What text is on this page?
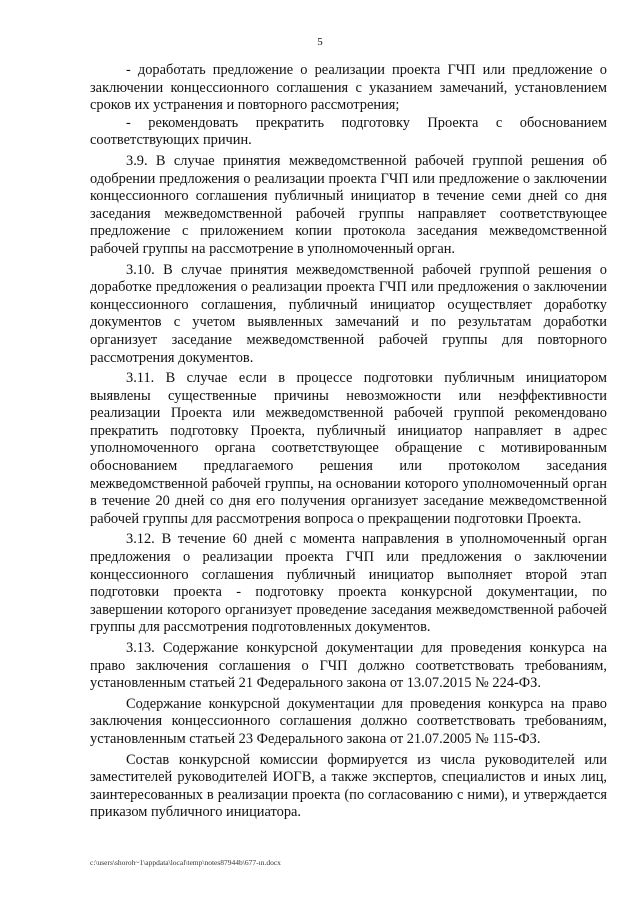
5

- доработать предложение о реализации проекта ГЧП или предложение о заключении концессионного соглашения с указанием замечаний, установлением сроков их устранения и повторного рассмотрения;

- рекомендовать прекратить подготовку Проекта с обоснованием соответствующих причин.

3.9. В случае принятия межведомственной рабочей группой решения об одобрении предложения о реализации проекта ГЧП или предложение о заключении концессионного соглашения публичный инициатор в течение семи дней со дня заседания межведомственной рабочей группы направляет соответствующее предложение с приложением копии протокола заседания межведомственной рабочей группы на рассмотрение в уполномоченный орган.

3.10. В случае принятия межведомственной рабочей группой решения о доработке предложения о реализации проекта ГЧП или предложения о заключении концессионного соглашения, публичный инициатор осуществляет доработку документов с учетом выявленных замечаний и по результатам доработки организует заседание межведомственной рабочей группы для повторного рассмотрения документов.

3.11. В случае если в процессе подготовки публичным инициатором выявлены существенные причины невозможности или неэффективности реализации Проекта или межведомственной рабочей группой рекомендовано прекратить подготовку Проекта, публичный инициатор направляет в адрес уполномоченного органа соответствующее обращение с мотивированным обоснованием предлагаемого решения или протоколом заседания межведомственной рабочей группы, на основании которого уполномоченный орган в течение 20 дней со дня его получения организует заседание межведомственной рабочей группы для рассмотрения вопроса о прекращении подготовки Проекта.

3.12. В течение 60 дней с момента направления в уполномоченный орган предложения о реализации проекта ГЧП или предложения о заключении концессионного соглашения публичный инициатор выполняет второй этап подготовки проекта - подготовку проекта конкурсной документации, по завершении которого организует проведение заседания межведомственной рабочей группы для рассмотрения подготовленных документов.

3.13. Содержание конкурсной документации для проведения конкурса на право заключения соглашения о ГЧП должно соответствовать требованиям, установленным статьей 21 Федерального закона от 13.07.2015 № 224-ФЗ.

Содержание конкурсной документации для проведения конкурса на право заключения концессионного соглашения должно соответствовать требованиям, установленным статьей 23 Федерального закона от 21.07.2005 № 115-ФЗ.

Состав конкурсной комиссии формируется из числа руководителей или заместителей руководителей ИОГВ, а также экспертов, специалистов и иных лиц, заинтересованных в реализации проекта (по согласованию с ними), и утверждается приказом публичного инициатора.

c:\users\shoroh~1\appdata\local\temp\notes87944b\677-ın.docx
